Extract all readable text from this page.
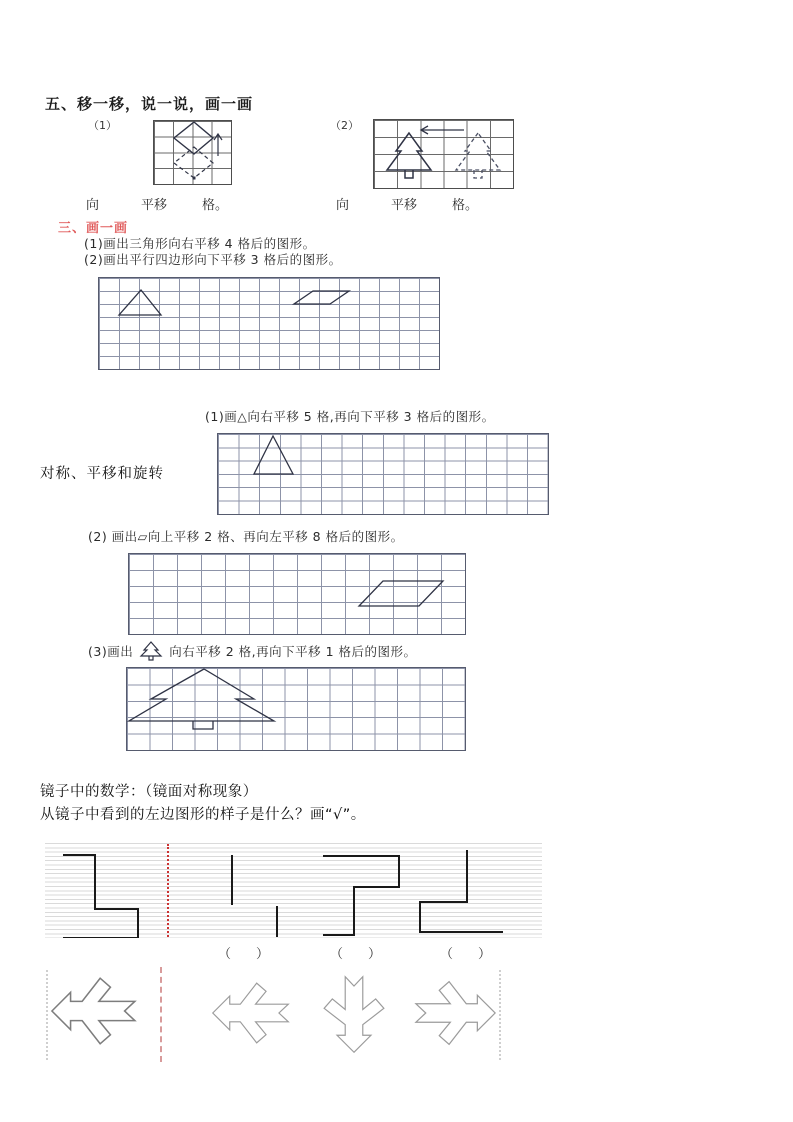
五、移一移，说一说，画一画
（1）	（2）
向	平移	格。	向	平移	格。
三、画一画
(1)画出三角形向右平移 4 格后的图形。
(2)画出平行四边形向下平移 3 格后的图形。
(1)画△向右平移 5 格,再向下平移 3 格后的图形。
对称、平移和旋转
(2) 画出▱向上平移 2 格、再向左平移 8 格后的图形。
(3)画出	向右平移 2 格,再向下平移 1 格后的图形。
镜子中的数学：（镜面对称现象）
从镜子中看到的左边图形的样子是什么？画“√”。
（　）	（　）	（　）
